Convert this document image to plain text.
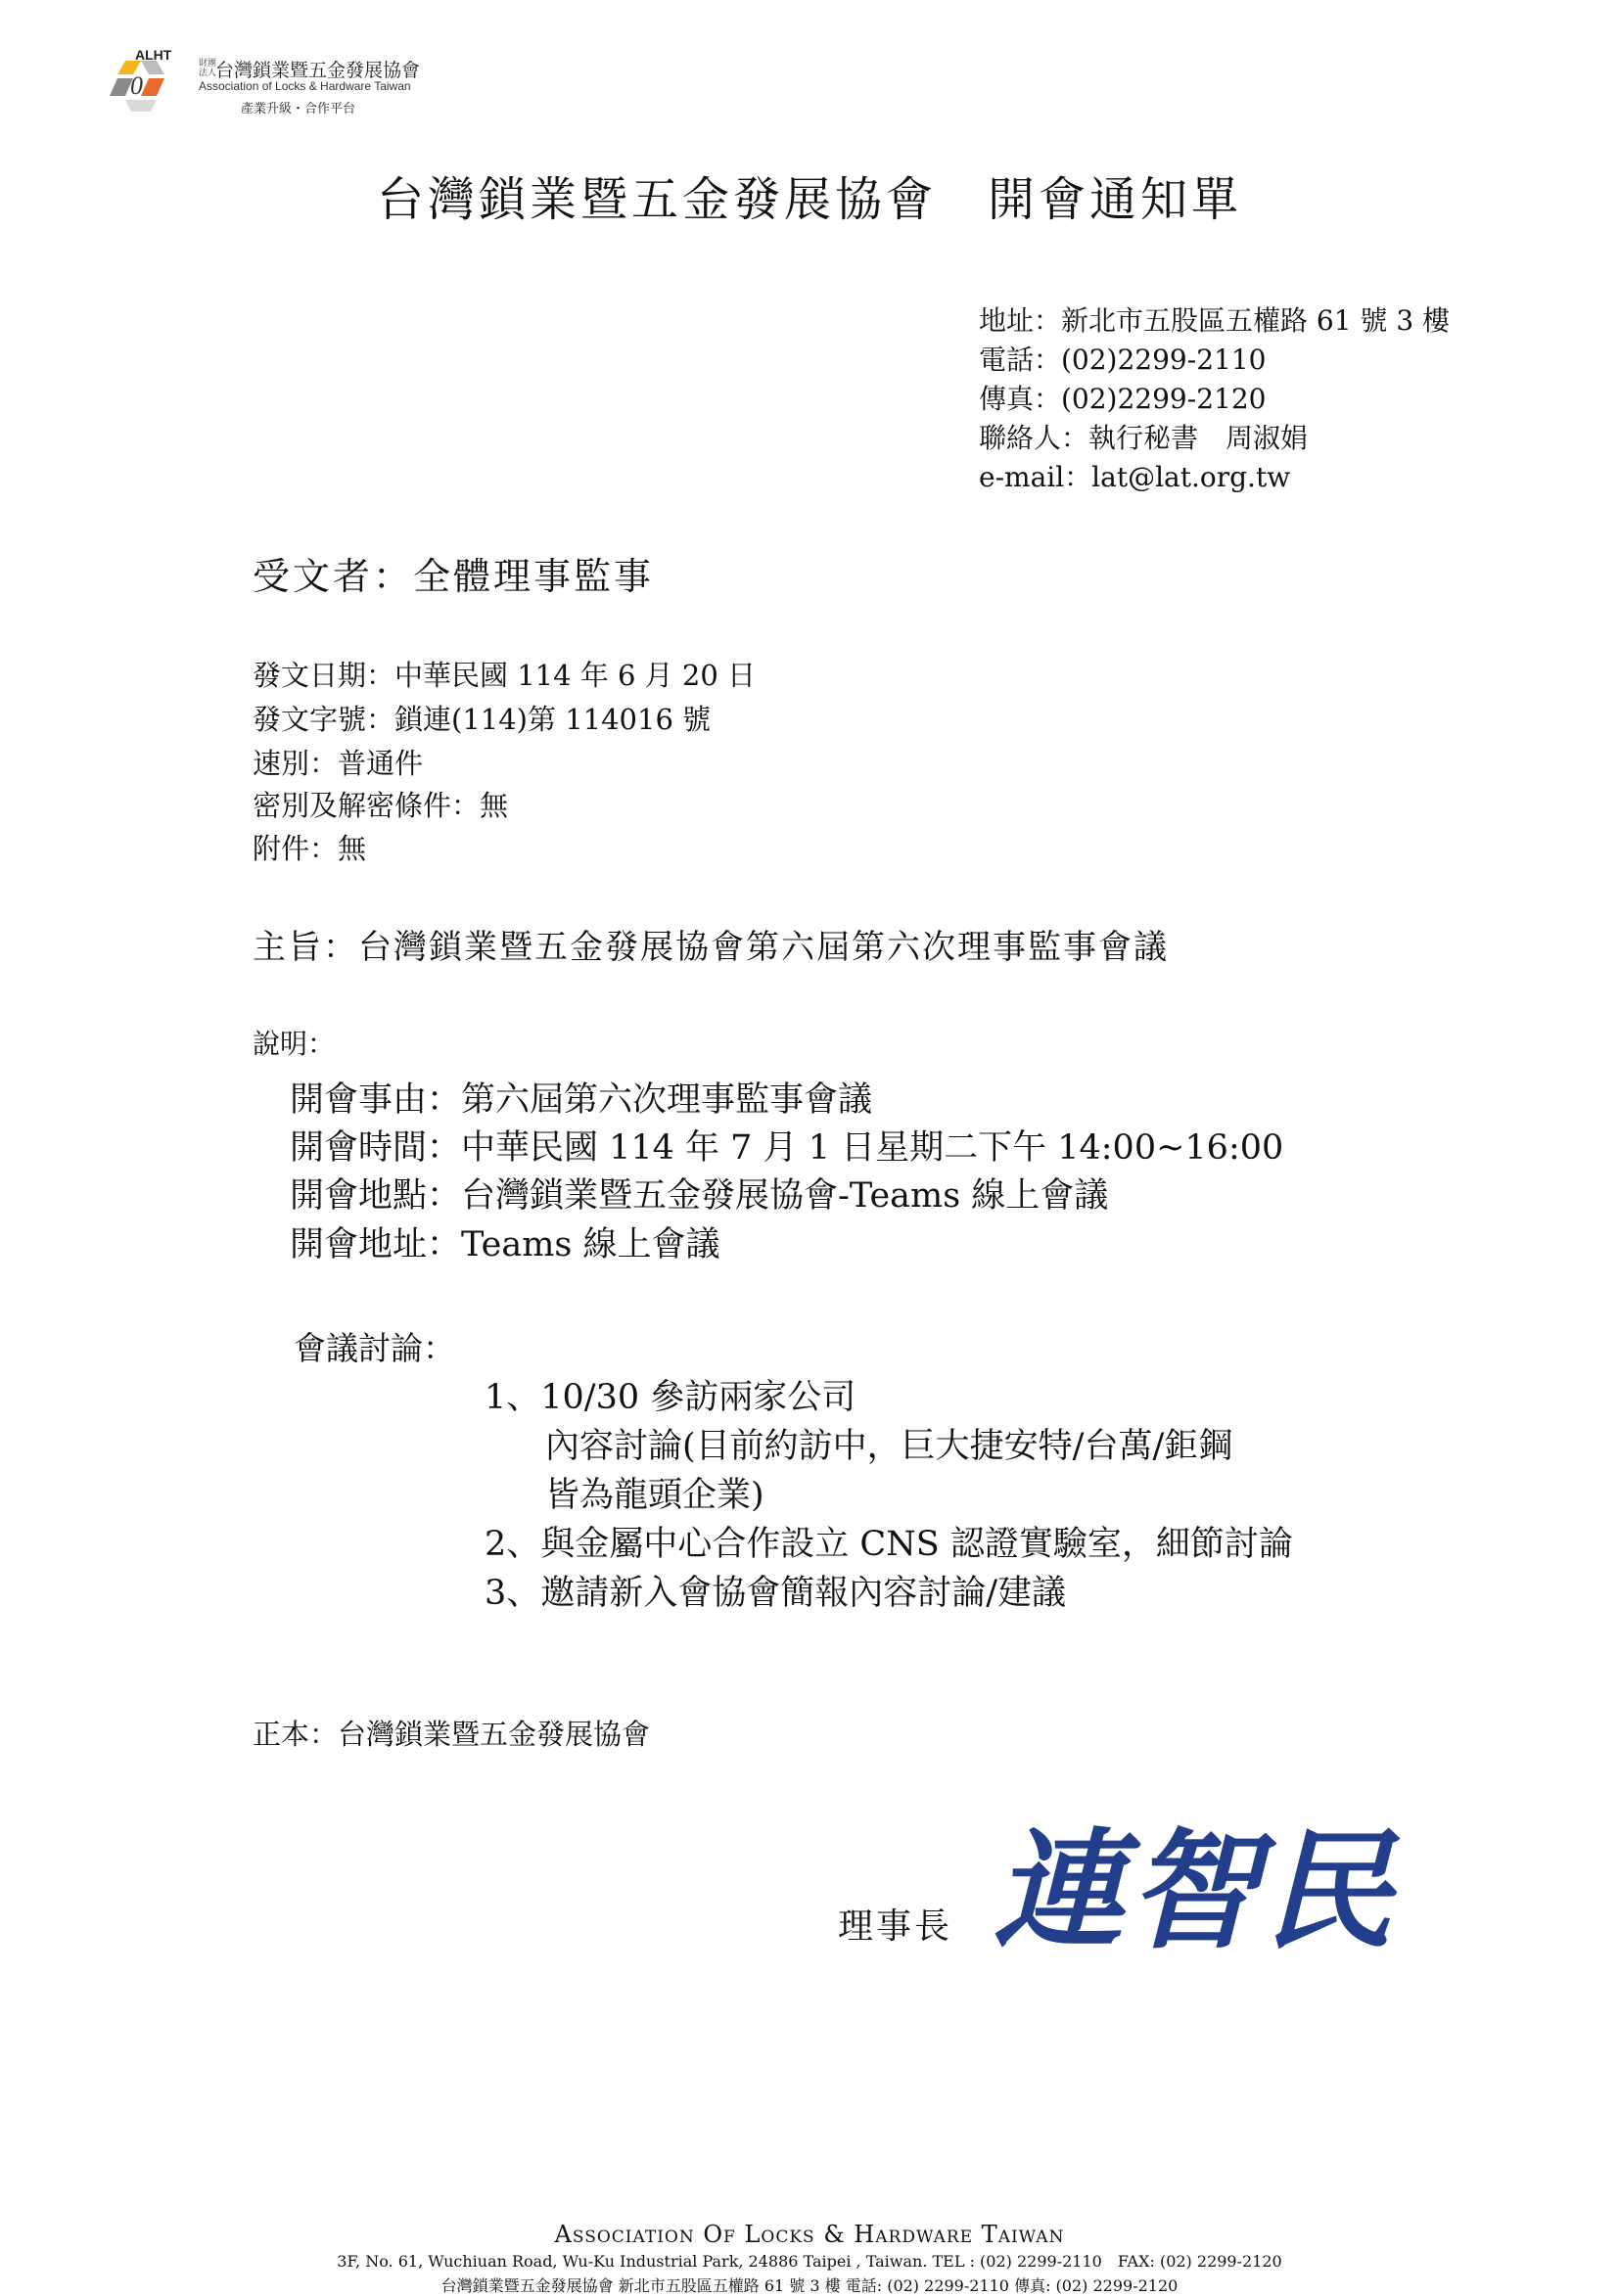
0
ALHT
財團法人
台灣鎖業暨五金發展協會
Association of Locks & Hardware Taiwan
產業升級・合作平台
台灣鎖業暨五金發展協會　開會通知單
地址：新北市五股區五權路 61 號 3 樓
電話：(02)2299-2110
傳真：(02)2299-2120
聯絡人：執行秘書　周淑娟
e-mail：lat@lat.org.tw
受文者：全體理事監事
發文日期：中華民國 114 年 6 月 20 日
發文字號：鎖連(114)第 114016 號
速別：普通件
密別及解密條件：無
附件：無
主旨：台灣鎖業暨五金發展協會第六屆第六次理事監事會議
說明：
開會事由：第六屆第六次理事監事會議
開會時間：中華民國 114 年 7 月 1 日星期二下午 14:00~16:00
開會地點：台灣鎖業暨五金發展協會-Teams 線上會議
開會地址：Teams 線上會議
會議討論：
1、10/30 參訪兩家公司
內容討論(目前約訪中，巨大捷安特/台萬/鉅鋼
皆為龍頭企業)
2、與金屬中心合作設立 CNS 認證實驗室，細節討論
3、邀請新入會協會簡報內容討論/建議
正本：台灣鎖業暨五金發展協會
理事長 連智民
Association Of Locks & Hardware Taiwan
3F, No. 61, Wuchiuan Road, Wu-Ku Industrial Park, 24886 Taipei , Taiwan. TEL : (02) 2299-2110　FAX: (02) 2299-2120
台灣鎖業暨五金發展協會 新北市五股區五權路 61 號 3 樓 電話: (02) 2299-2110 傳真: (02) 2299-2120
